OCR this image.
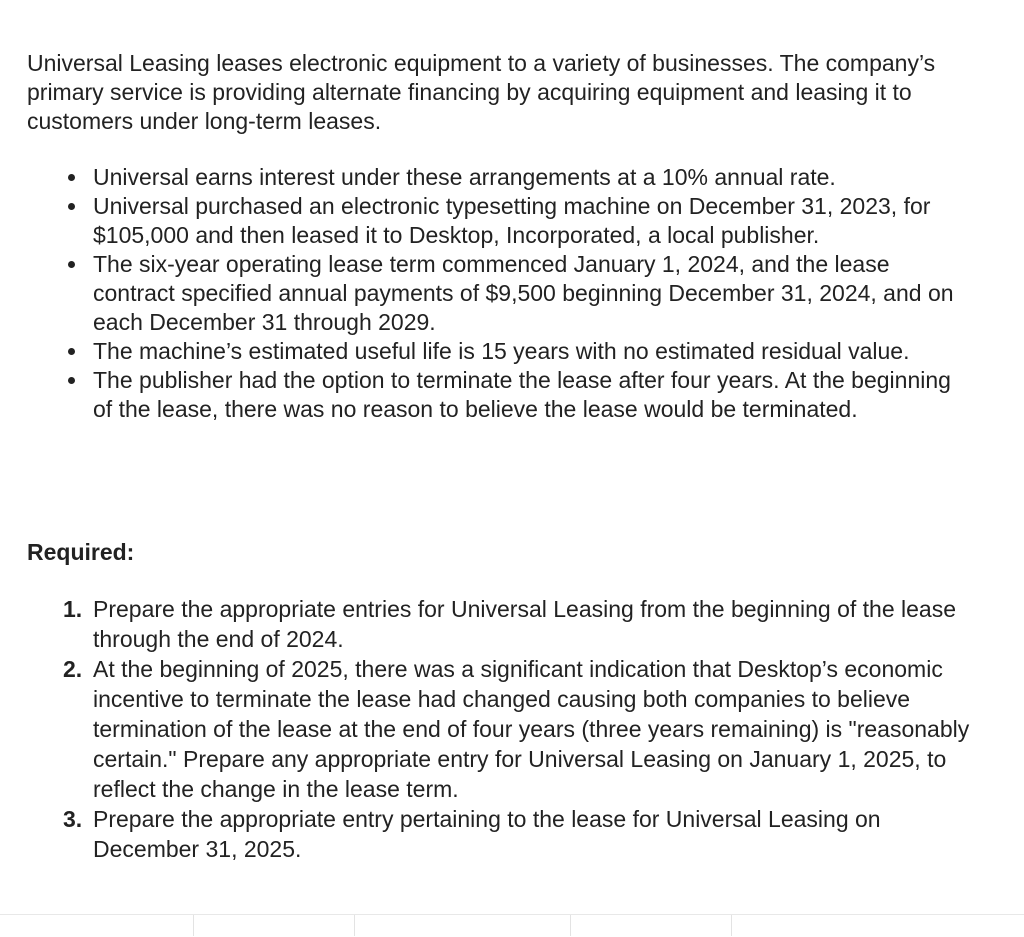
Universal Leasing leases electronic equipment to a variety of businesses. The company’s primary service is providing alternate financing by acquiring equipment and leasing it to customers under long-term leases.

Universal earns interest under these arrangements at a 10% annual rate.
Universal purchased an electronic typesetting machine on December 31, 2023, for $105,000 and then leased it to Desktop, Incorporated, a local publisher.
The six-year operating lease term commenced January 1, 2024, and the lease contract specified annual payments of $9,500 beginning December 31, 2024, and on each December 31 through 2029.
The machine’s estimated useful life is 15 years with no estimated residual value.
The publisher had the option to terminate the lease after four years. At the beginning of the lease, there was no reason to believe the lease would be terminated.
Required:
1. Prepare the appropriate entries for Universal Leasing from the beginning of the lease through the end of 2024.
2. At the beginning of 2025, there was a significant indication that Desktop’s economic incentive to terminate the lease had changed causing both companies to believe termination of the lease at the end of four years (three years remaining) is "reasonably certain." Prepare any appropriate entry for Universal Leasing on January 1, 2025, to reflect the change in the lease term.
3. Prepare the appropriate entry pertaining to the lease for Universal Leasing on December 31, 2025.
